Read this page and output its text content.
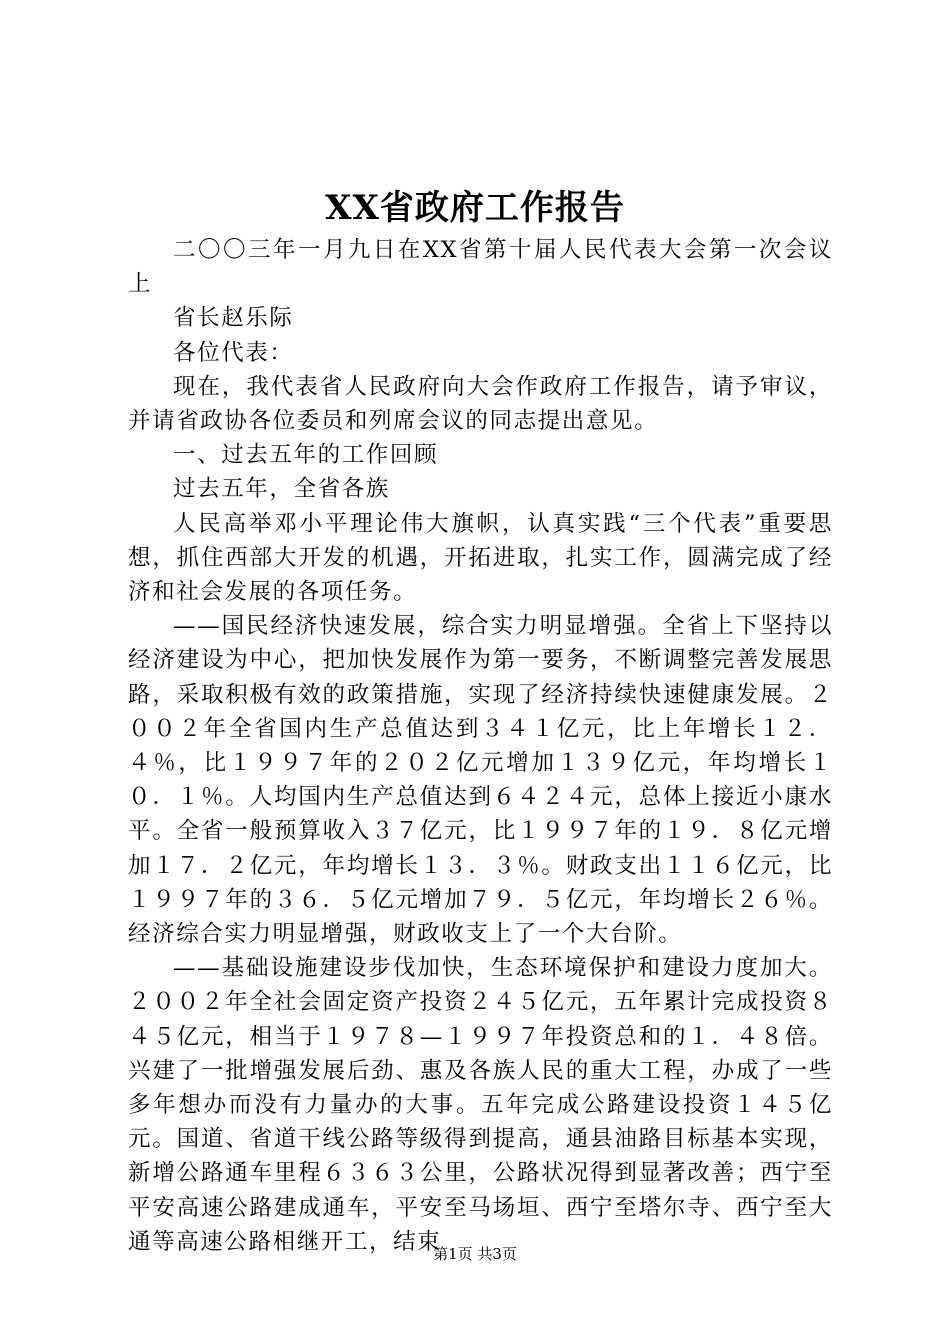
XX省政府工作报告

二〇〇三年一月九日在XX省第十届人民代表大会第一次会议上

省长赵乐际

各位代表：

现在，我代表省人民政府向大会作政府工作报告，请予审议，并请省政协各位委员和列席会议的同志提出意见。

一、过去五年的工作回顾

过去五年，全省各族

人民高举邓小平理论伟大旗帜，认真实践“三个代表”重要思想，抓住西部大开发的机遇，开拓进取，扎实工作，圆满完成了经济和社会发展的各项任务。

——国民经济快速发展，综合实力明显增强。全省上下坚持以经济建设为中心，把加快发展作为第一要务，不断调整完善发展思路，采取积极有效的政策措施，实现了经济持续快速健康发展。２００２年全省国内生产总值达到３４１亿元，比上年增长１２．４％，比１９９７年的２０２亿元增加１３９亿元，年均增长１０．１％。人均国内生产总值达到６４２４元，总体上接近小康水平。全省一般预算收入３７亿元，比１９９７年的１９．８亿元增加１７．２亿元，年均增长１３．３％。财政支出１１６亿元，比１９９７年的３６．５亿元增加７９．５亿元，年均增长２６％。经济综合实力明显增强，财政收支上了一个大台阶。

——基础设施建设步伐加快，生态环境保护和建设力度加大。２００２年全社会固定资产投资２４５亿元，五年累计完成投资８４５亿元，相当于１９７８—１９９７年投资总和的１．４８倍。兴建了一批增强发展后劲、惠及各族人民的重大工程，办成了一些多年想办而没有力量办的大事。五年完成公路建设投资１４５亿元。国道、省道干线公路等级得到提高，通县油路目标基本实现，新增公路通车里程６３６３公里，公路状况得到显著改善；西宁至平安高速公路建成通车，平安至马场垣、西宁至塔尔寺、西宁至大通等高速公路相继开工，结束

第1页 共3页
